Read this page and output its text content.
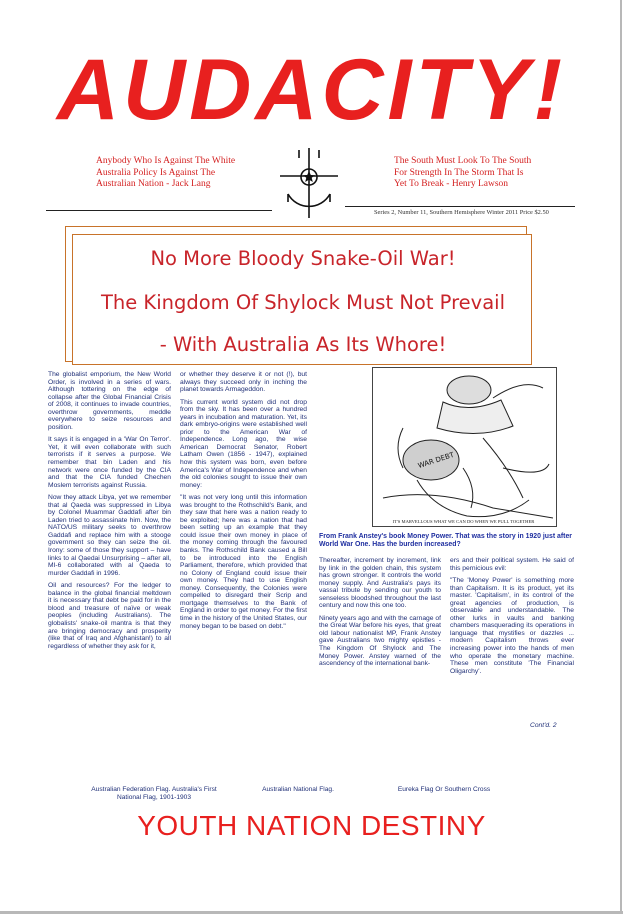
AUDACITY!
Anybody Who Is Against The White
Australia Policy Is Against The
Australian Nation - Jack Lang
The South Must Look To The South
For Strength In The Storm That Is
Yet To Break - Henry Lawson
Series 2, Number 11, Southern Hemisphere Winter 2011 Price $2.50
No More Bloody Snake-Oil War!
The Kingdom Of Shylock Must Not Prevail
- With Australia As Its Whore!

The globalist emporium, the New World Order, is involved in a series of wars. Although tottering on the edge of collapse after the Global Financial Crisis of 2008, it continues to invade countries, overthrow governments, meddle everywhere to seize resources and position.

It says it is engaged in a 'War On Terror'. Yet, it will even collaborate with such terrorists if it serves a purpose. We remember that bin Laden and his network were once funded by the CIA and that the CIA funded Chechen Moslem terrorists against Russia.

Now they attack Libya, yet we remember that al Qaeda was suppressed in Libya by Colonel Muammar Gaddafi after bin Laden tried to assassinate him. Now, the NATO/US military seeks to overthrow Gaddafi and replace him with a stooge government so they can seize the oil. Irony: some of those they support – have links to al Qaedai Unsurprising – after all, MI-6 collaborated with al Qaeda to murder Gaddafi in 1996.

Oil and resources? For the ledger to balance in the global financial meltdown it is necessary that debt be paid for in the blood and treasure of naïve or weak peoples (including Australians). The globalists' snake-oil mantra is that they are bringing democracy and prosperity (like that of Iraq and Afghanistan!) to all regardless of whether they ask for it,

or whether they deserve it or not (!), but always they succeed only in inching the planet towards Armageddon.

This current world system did not drop from the sky. It has been over a hundred years in incubation and maturation. Yet, its dark embryo-origins were established well prior to the American War of Independence. Long ago, the wise American Democrat Senator, Robert Latham Owen (1856 - 1947), explained how this system was born, even before America's War of Independence and when the old colonies sought to issue their own money:

"It was not very long until this information was brought to the Rothschild's Bank, and they saw that here was a nation ready to be exploited; here was a nation that had been setting up an example that they could issue their own money in place of the money coming through the favoured banks. The Rothschild Bank caused a Bill to be introduced into the English Parliament, therefore, which provided that no Colony of England could issue their own money. They had to use English money. Consequently, the Colonies were compelled to disregard their Scrip and mortgage themselves to the Bank of England in order to get money. For the first time in the history of the United States, our money began to be based on debt."

WAR DEBT
IT'S MARVELLOUS WHAT WE CAN DO WHEN WE PULL TOGETHER
From Frank Anstey's book Money Power. That was the story in 1920 just after World War One. Has the burden increased?

Thereafter, increment by increment, link by link in the golden chain, this system has grown stronger. It controls the world money supply. And Australia's pays its vassal tribute by sending our youth to senseless bloodshed throughout the last century and now this one too.

Ninety years ago and with the carnage of the Great War before his eyes, that great old labour nationalist MP, Frank Anstey gave Australians two mighty epistles - The Kingdom Of Shylock and The Money Power. Anstey warned of the ascendency of the international bank-

ers and their political system. He said of this pernicious evil:

"The 'Money Power' is something more than Capitalism. It is its product, yet its master. 'Capitalism', in its control of the great agencies of production, is observable and understandable. The other lurks in vaults and banking chambers masquerading its operations in language that mystifies or dazzles ... modern Capitalism throws ever increasing power into the hands of men who operate the monetary machine. These men constitute 'The Financial Oligarchy'.

Cont'd. 2
Australian Federation Flag. Australia's First National Flag, 1901-1903
Australian National Flag.	Eureka Flag Or Southern Cross
YOUTH NATION DESTINY
